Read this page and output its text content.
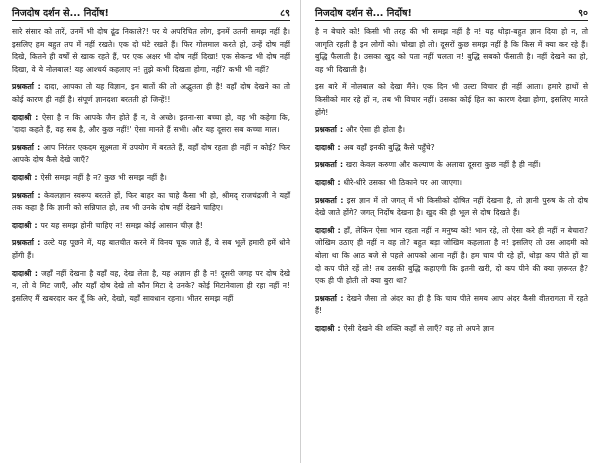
निजदोष दर्शन से... निर्दोष!	८९

सारे संसार को तारें, उनमें भी दोष ढूंढ निकाले?! पर ये अपरिचित लोग, इनमें उतनी समझ नहीं है। इसलिए हम बहुत तप में नहीं रखते। एक दो घंटे रखते हैं। फिर गोलमाल करते हो, उन्हें दोष नहीं दिखे, कितने ही वर्षों से खाक रहते हैं, पर एक अक्षर भी दोष नहीं दिखा! एक सेकन्ड भी दोष नहीं दिखा, वे ये नोलबाल! यह आश्चर्य कहलाए न! तुझे कभी दिखता होगा, नहीं? कभी भी नहीं?

प्रश्नकर्ता : दादा, आपका तो यह विज्ञान, इन बातों की तो अद्भुतता ही है! वहाँ दोष देखने का तो कोई कारण ही नहीं है। संपूर्ण ज्ञानदशा बरतती हो जिन्हें!!

दादाश्री : ऐसा है न कि आपके जैन होते हैं न, वे अच्छे। इतना-सा बच्चा हो, वह भी कहेगा कि, 'दादा कहते हैं, वह सब है, और कुछ नहीं!' ऐसा मानते हैं सभी। और यह दूसरा सब कच्चा माल।

प्रश्नकर्ता : आप निरंतर एकदम सूक्ष्मता में उपयोग में बरतते हैं, वहाँ दोष रहता ही नहीं न कोई? फिर आपके दोष कैसे देखे जाएँ?

दादाश्री : ऐसी समझ नहीं है न? कुछ भी समझ नहीं है।

प्रश्नकर्ता : केवलज्ञान स्वरूप बरतते हों, फिर बाहर का चाहे कैसा भी हो, श्रीमद् राजचंद्रजी ने यहाँ तक कहा है कि ज्ञानी को सन्निपात हो, तब भी उनके दोष नहीं देखने चाहिए।

दादाश्री : पर यह समझ होनी चाहिए न! समझ कोई आसान चीज़ है!

प्रश्नकर्ता : उल्टे यह पूछने में, यह बातचीत करने में विनय चूक जाते हैं, वे सब भूलें हमारी हमें धोने होंगी हैं।

दादाश्री : जहाँ नहीं देखना है वहाँ वह, देख लेता है, यह अज्ञान ही है न! दूसरी जगह पर दोष देखे न, तो वे मिट जाएँ, और यहाँ दोष देखे तो कौन मिटा दे उनके? कोई मिटानेवाला ही रहा नहीं न! इसलिए मैं खबरदार कर दूँ कि अरे, देखो, यहाँ सावधान रहना। भीतर समझ नहीं

निजदोष दर्शन से... निर्दोष!	९०

है न बेचारे को! किसी भी तरह की भी समझ नहीं है न! यह थोड़ा-बहुत ज्ञान दिया हो न, तो जागृति रहती है इन लोगों को। चोखा हो तो। दूसरों कुछ समझ नहीं है कि किस में क्या कर रहे हैं। बुद्धि फैलाती है। उसका खुद को पता नहीं चलता न! बुद्धि सबको फँसाती है। नहीं देखने का हो, वह भी दिखाती है।

इस बारे में नोलबाल को देखा मैंने। एक दिन भी उल्टा विचार ही नहीं आता। हमारे हाथों से किसीको मार रहे हों न, तब भी विचार नहीं। उसका कोई हित का कारण देखा होगा, इसलिए मारते होंगे!

प्रश्नकर्ता : और ऐसा ही होता है।

दादाश्री : अब वहाँ इनकी बुद्धि कैसे पहुँचे?

प्रश्नकर्ता : खरा केवल करुणा और कल्याण के अलावा दूसरा कुछ नहीं है ही नहीं।

दादाश्री : धीरे-धीरे उसका भी ठिकाने पर आ जाएगा।

प्रश्नकर्ता : इस ज्ञान में तो जगत् में भी किसीको दोषित नहीं देखना है, तो ज्ञानी पुरुष के तो दोष देखे जाते होंगे? जगत् निर्दोष देखना है। खुद की ही भूल से दोष दिखते हैं।

दादाश्री : हाँ, लेकिन ऐसा भान रहता नहीं न मनुष्य को! भान रहे, तो ऐसा करे ही नहीं न बेचारा? जोखिम उठाए ही नहीं न वह तो? बहुत बड़ा जोखिम कहलाता है न! इसलिए तो उस आदमी को बोला था कि आठ बजे से पहले आपको आना नहीं है। हम चाय पी रहे हों, थोड़ा कप पीते हों या दो कप पीते रहें तो! तब उसकी बुद्धि कहाएगी कि इतनी खरी, दो कप पीने की क्या ज़रूरत है? एक ही पी होती तो क्या बुरा था?

प्रश्नकर्ता : देखने जैसा तो अंदर का ही है कि चाय पीते समय आप अंदर कैसी वीतरागता में रहते हैं!

दादाश्री : ऐसी देखने की शक्ति कहाँ से लाएँ? वह तो अपने ज्ञान
